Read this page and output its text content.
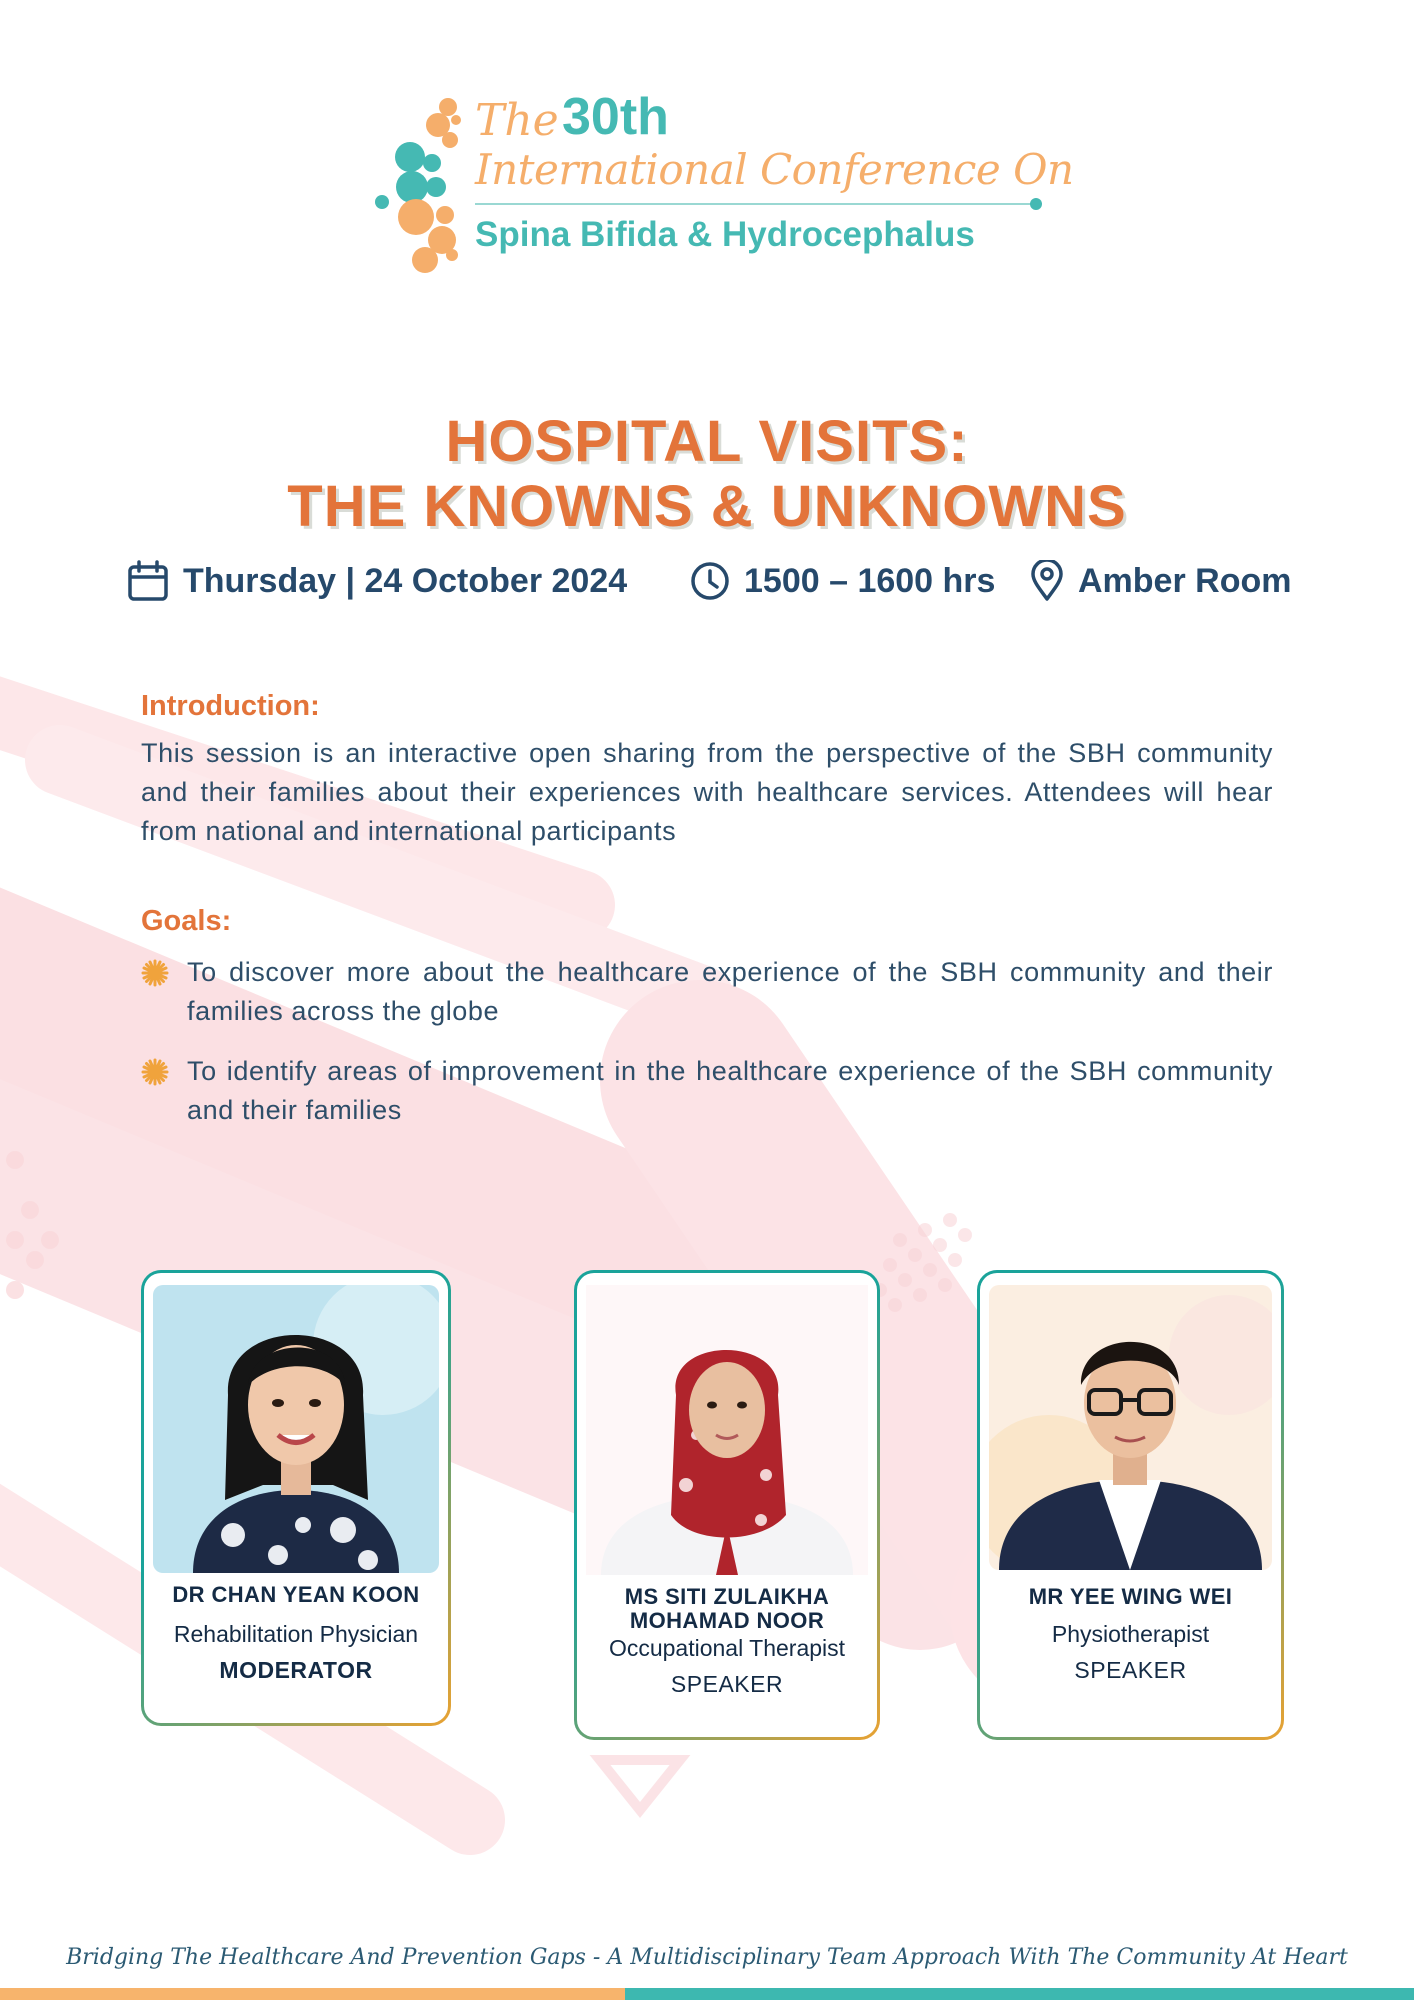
The 30th
International Conference On
Spina Bifida & Hydrocephalus
HOSPITAL VISITS:
THE KNOWNS & UNKNOWNS
Thursday | 24 October 2024	1500 – 1600 hrs Amber Room
Introduction:
This session is an interactive open sharing from the perspective of the SBH community and their families about their experiences with healthcare services. Attendees will hear from national and international participants
Goals:
To discover more about the healthcare experience of the SBH community and their families across the globe
To identify areas of improvement in the healthcare experience of the SBH community and their families
DR CHAN YEAN KOON
Rehabilitation Physician
MODERATOR
MS SITI ZULAIKHA
MOHAMAD NOOR
Occupational Therapist
SPEAKER
MR YEE WING WEI
Physiotherapist
SPEAKER
Bridging The Healthcare And Prevention Gaps - A Multidisciplinary Team Approach With The Community At Heart
